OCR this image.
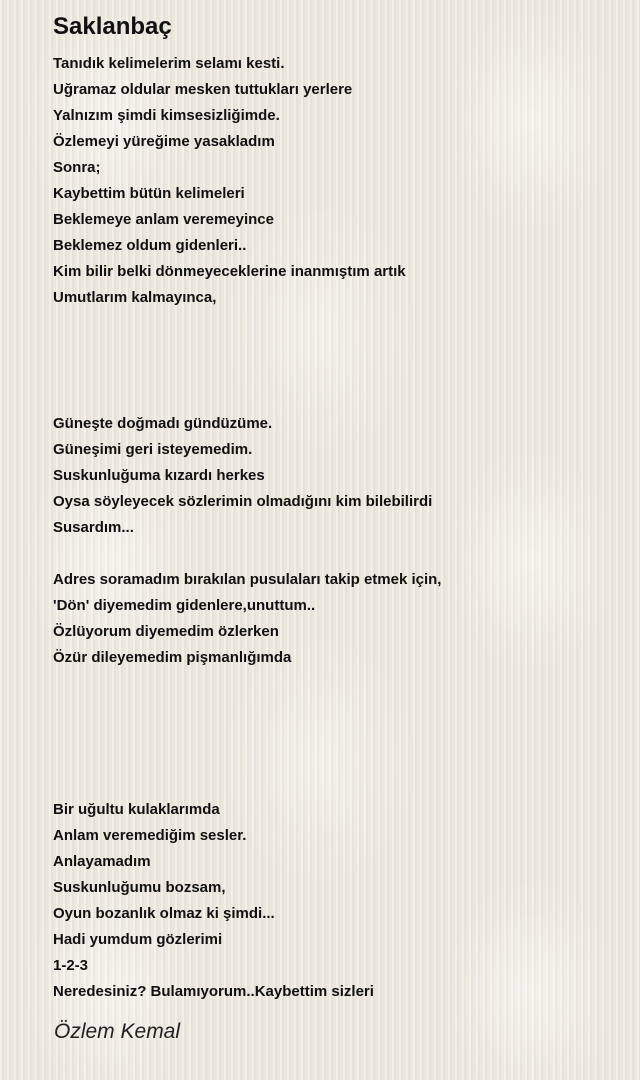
Saklanbaç
Tanıdık kelimelerim selamı kesti.
Uğramaz oldular mesken tuttukları yerlere
Yalnızım şimdi kimsesizliğimde.
Özlemeyi yüreğime yasakladım
Sonra;
Kaybettim bütün kelimeleri
Beklemeye anlam veremeyince
Beklemez oldum gidenleri..
Kim bilir belki dönmeyeceklerine inanmıştım artık
Umutlarım kalmayınca,
Güneşte doğmadı gündüzüme.
Güneşimi geri isteyemedim.
Suskunluğuma kızardı herkes
Oysa söyleyecek sözlerimin olmadığını kim bilebilirdi
Susardım...
Adres soramadım bırakılan pusulaları takip etmek için,
'Dön' diyemedim gidenlere,unuttum..
Özlüyorum diyemedim özlerken
Özür dileyemedim pişmanlığımda
Bir uğultu kulaklarımda
Anlam veremediğim sesler.
Anlayamadım
Suskunluğumu bozsam,
Oyun bozanlık olmaz ki şimdi...
Hadi yumdum gözlerimi
1-2-3
Neredesiniz? Bulamıyorum..Kaybettim sizleri
Özlem Kemal
